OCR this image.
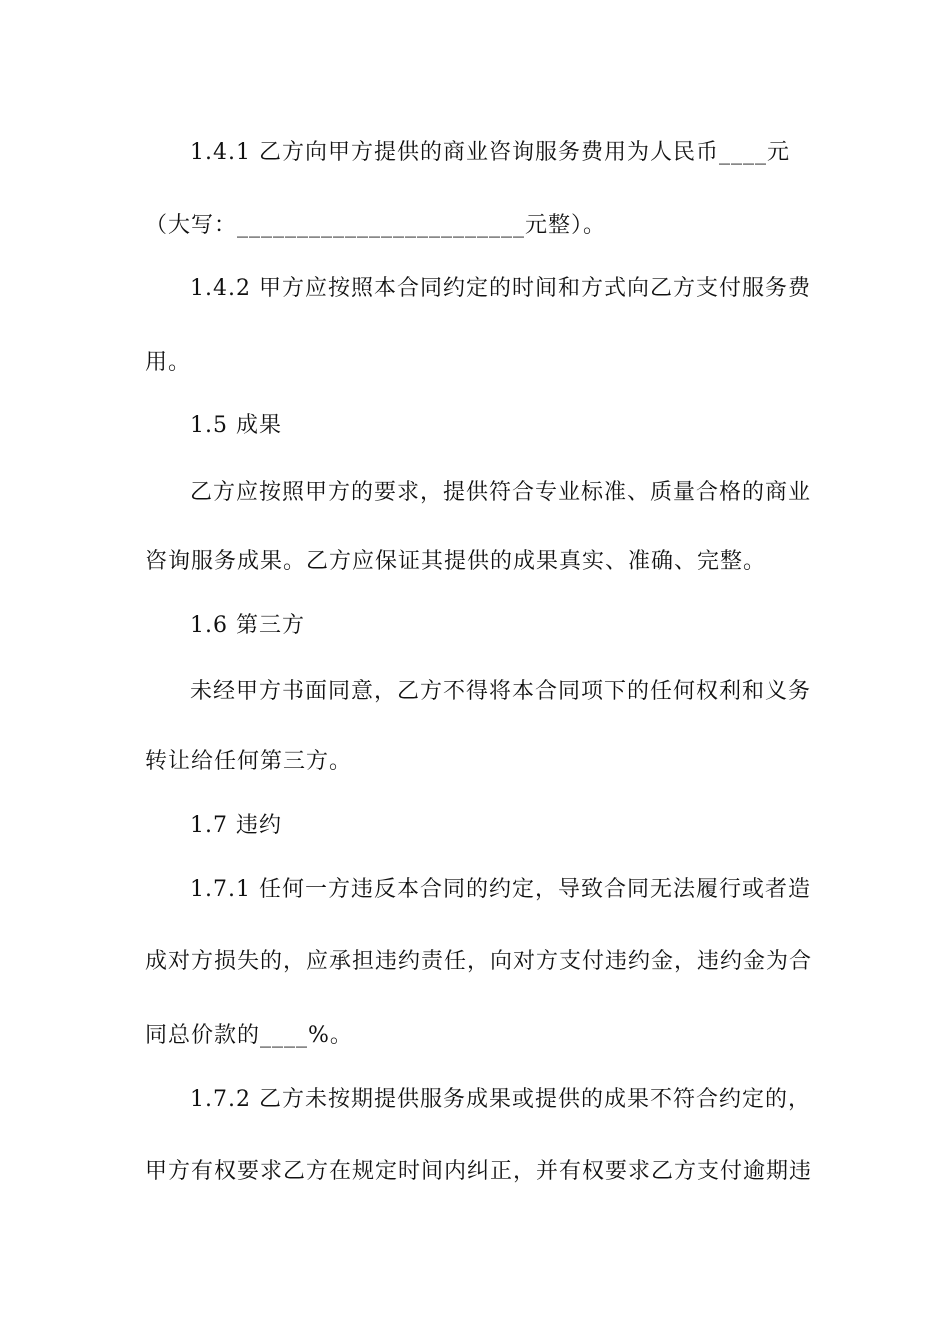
1.4.1 乙方向甲方提供的商业咨询服务费用为人民币____元
（大写：________________________元整）。
1.4.2 甲方应按照本合同约定的时间和方式向乙方支付服务费
用。
1.5 成果
乙方应按照甲方的要求，提供符合专业标准、质量合格的商业
咨询服务成果。乙方应保证其提供的成果真实、准确、完整。
1.6 第三方
未经甲方书面同意，乙方不得将本合同项下的任何权利和义务
转让给任何第三方。
1.7 违约
1.7.1 任何一方违反本合同的约定，导致合同无法履行或者造
成对方损失的，应承担违约责任，向对方支付违约金，违约金为合
同总价款的____%。
1.7.2 乙方未按期提供服务成果或提供的成果不符合约定的，
甲方有权要求乙方在规定时间内纠正，并有权要求乙方支付逾期违
